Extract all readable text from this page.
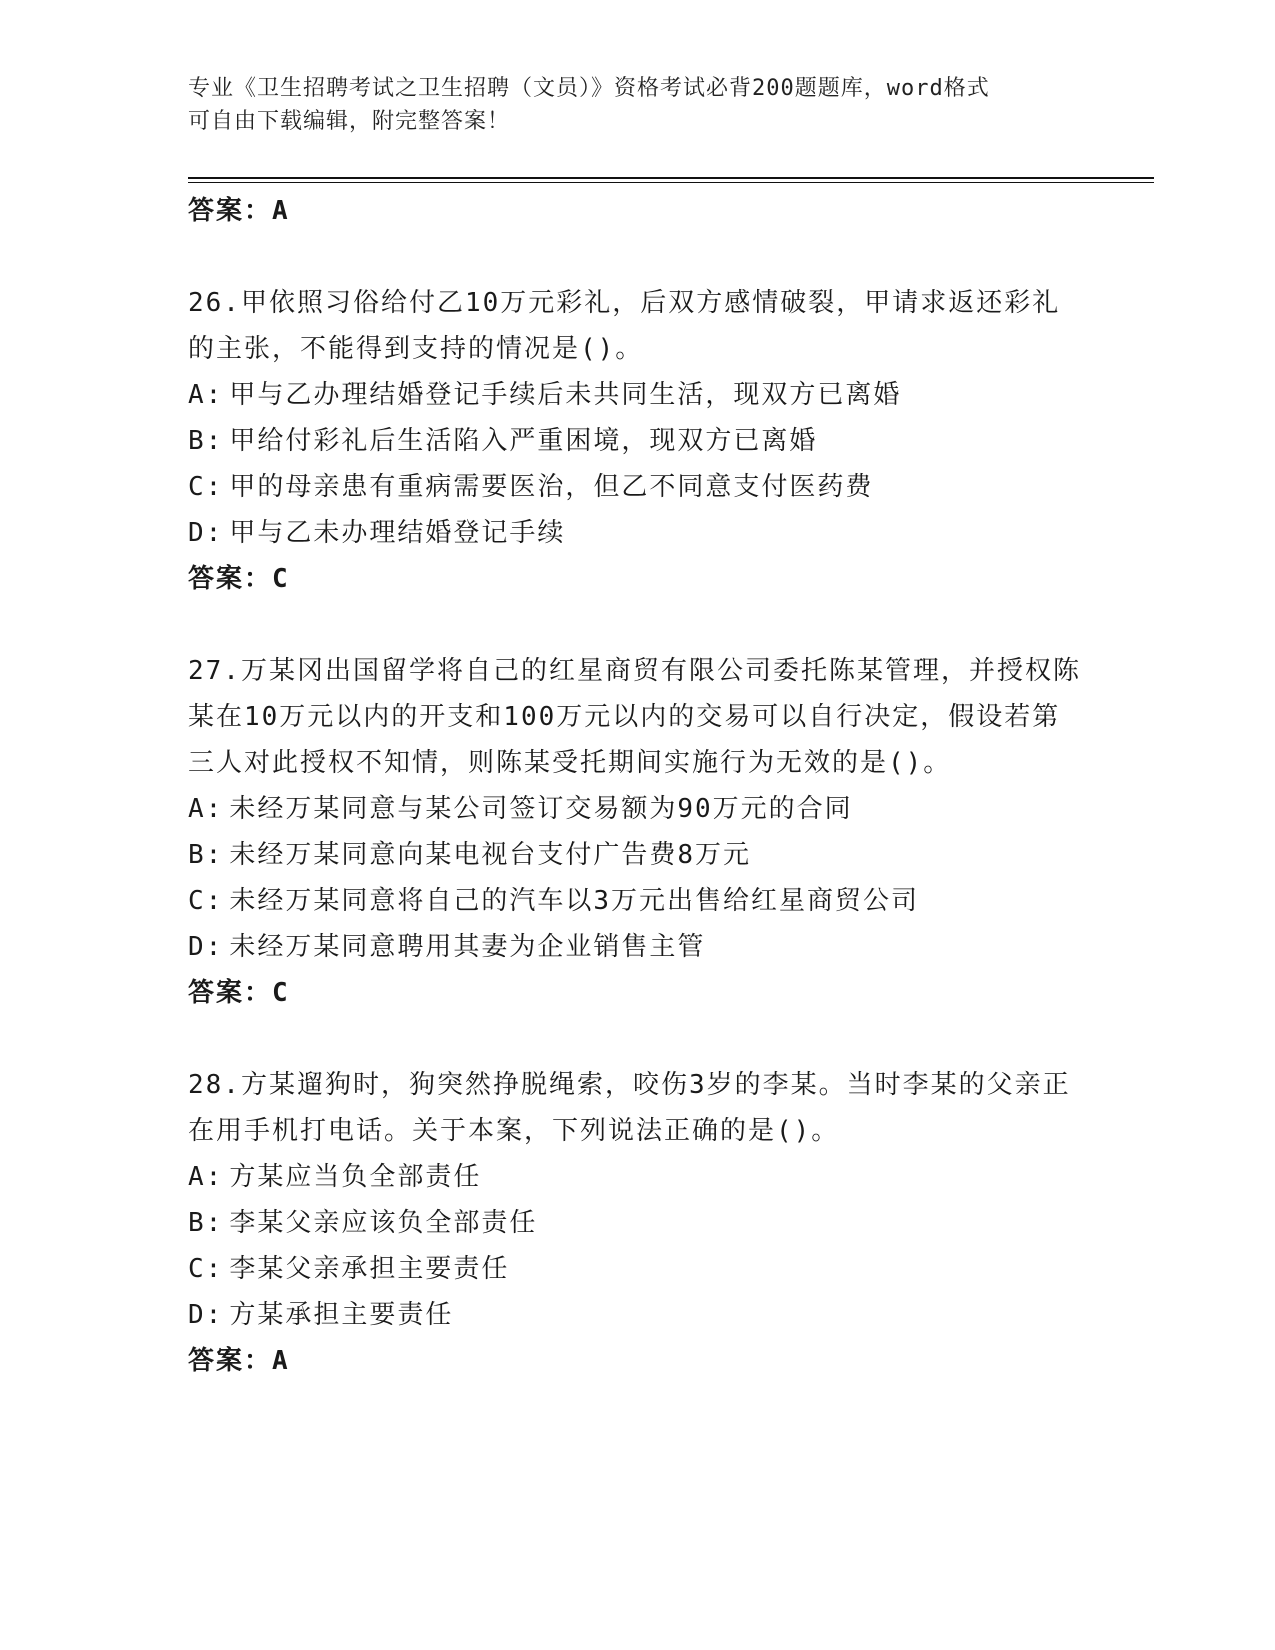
专业《卫生招聘考试之卫生招聘（文员）》资格考试必背200题题库，word格式
可自由下载编辑，附完整答案！
答案：A
26.甲依照习俗给付乙10万元彩礼，后双方感情破裂，甲请求返还彩礼的主张，不能得到支持的情况是()。
A: 甲与乙办理结婚登记手续后未共同生活，现双方已离婚
B: 甲给付彩礼后生活陷入严重困境，现双方已离婚
C: 甲的母亲患有重病需要医治，但乙不同意支付医药费
D: 甲与乙未办理结婚登记手续
答案：C
27.万某冈出国留学将自己的红星商贸有限公司委托陈某管理，并授权陈某在10万元以内的开支和100万元以内的交易可以自行决定，假设若第三人对此授权不知情，则陈某受托期间实施行为无效的是()。
A: 未经万某同意与某公司签订交易额为90万元的合同
B: 未经万某同意向某电视台支付广告费8万元
C: 未经万某同意将自己的汽车以3万元出售给红星商贸公司
D: 未经万某同意聘用其妻为企业销售主管
答案：C
28.方某遛狗时，狗突然挣脱绳索，咬伤3岁的李某。当时李某的父亲正在用手机打电话。关于本案，下列说法正确的是()。
A: 方某应当负全部责任
B: 李某父亲应该负全部责任
C: 李某父亲承担主要责任
D: 方某承担主要责任
答案：A
